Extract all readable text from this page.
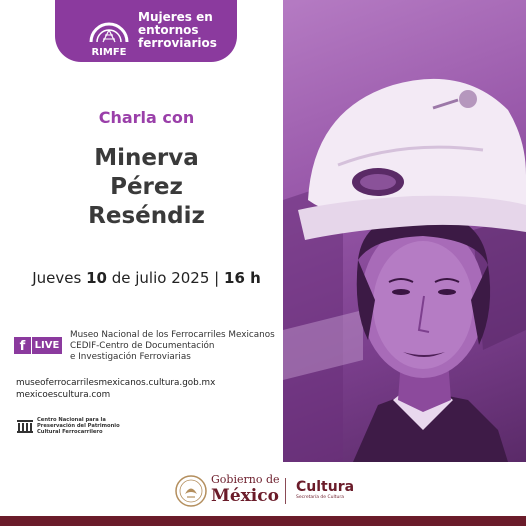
RIMFE
Mujeres en entornos ferroviarios
Charla con
Minerva
Pérez
Reséndiz
Jueves 10 de julio 2025 | 16 h
f LIVE
Museo Nacional de los Ferrocarriles Mexicanos
CEDIF-Centro de Documentación
e Investigación Ferroviarias
museoferrocarrilesmexicanos.cultura.gob.mx
mexicoescultura.com
Centro Nacional para la
Preservación del Patrimonio
Cultural Ferrocarrilero
Gobierno de
México Cultura
Secretaría de Cultura
